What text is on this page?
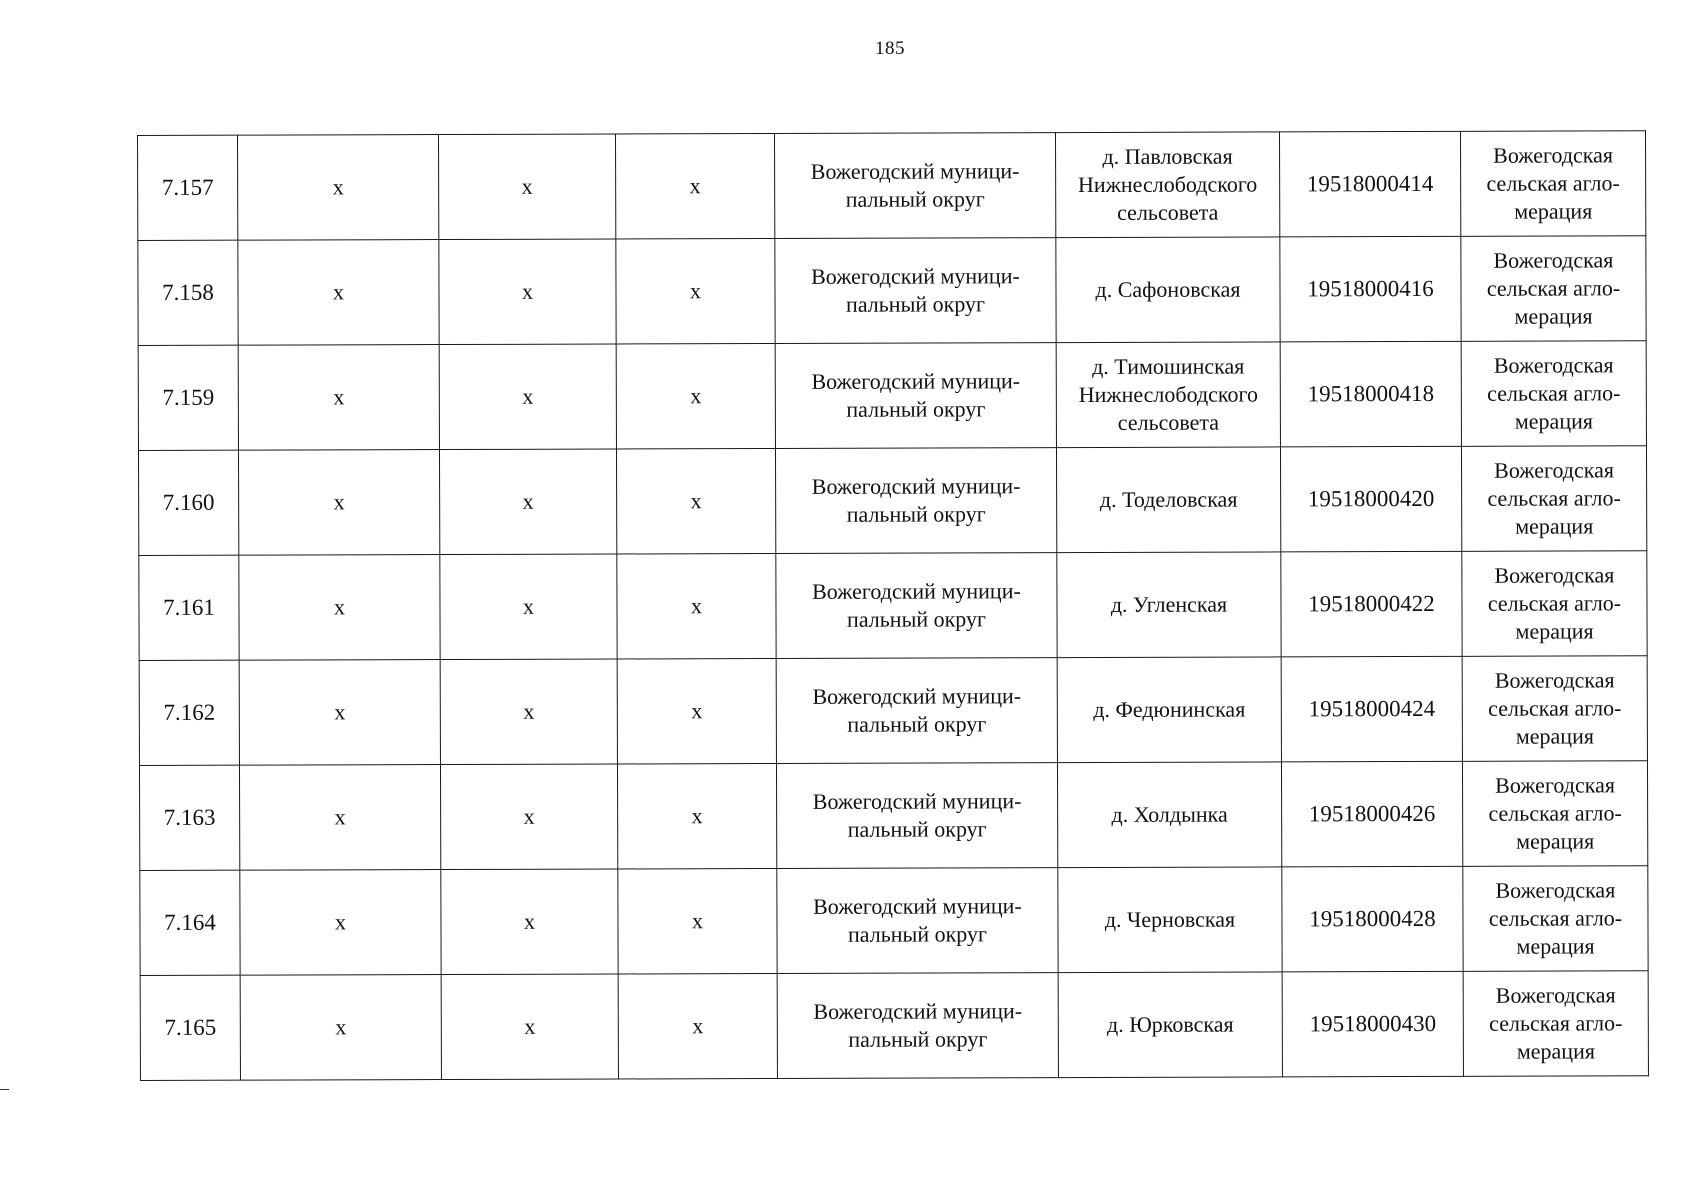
185
7.157	х	х	х	Вожегодский муници-
пальный округ	д. Павловская
Нижнеслободского
сельсовета	19518000414	Вожегодская
сельская агло-
мерация
7.158	х	х	х	Вожегодский муници-
пальный округ	д. Сафоновская	19518000416	Вожегодская
сельская агло-
мерация
7.159	х	х	х	Вожегодский муници-
пальный округ	д. Тимошинская
Нижнеслободского
сельсовета	19518000418	Вожегодская
сельская агло-
мерация
7.160	х	х	х	Вожегодский муници-
пальный округ	д. Тоделовская	19518000420	Вожегодская
сельская агло-
мерация
7.161	х	х	х	Вожегодский муници-
пальный округ	д. Угленская	19518000422	Вожегодская
сельская агло-
мерация
7.162	х	х	х	Вожегодский муници-
пальный округ	д. Федюнинская	19518000424	Вожегодская
сельская агло-
мерация
7.163	х	х	х	Вожегодский муници-
пальный округ	д. Холдынка	19518000426	Вожегодская
сельская агло-
мерация
7.164	х	х	х	Вожегодский муници-
пальный округ	д. Черновская	19518000428	Вожегодская
сельская агло-
мерация
7.165	х	х	х	Вожегодский муници-
пальный округ	д. Юрковская	19518000430	Вожегодская
сельская агло-
мерация
